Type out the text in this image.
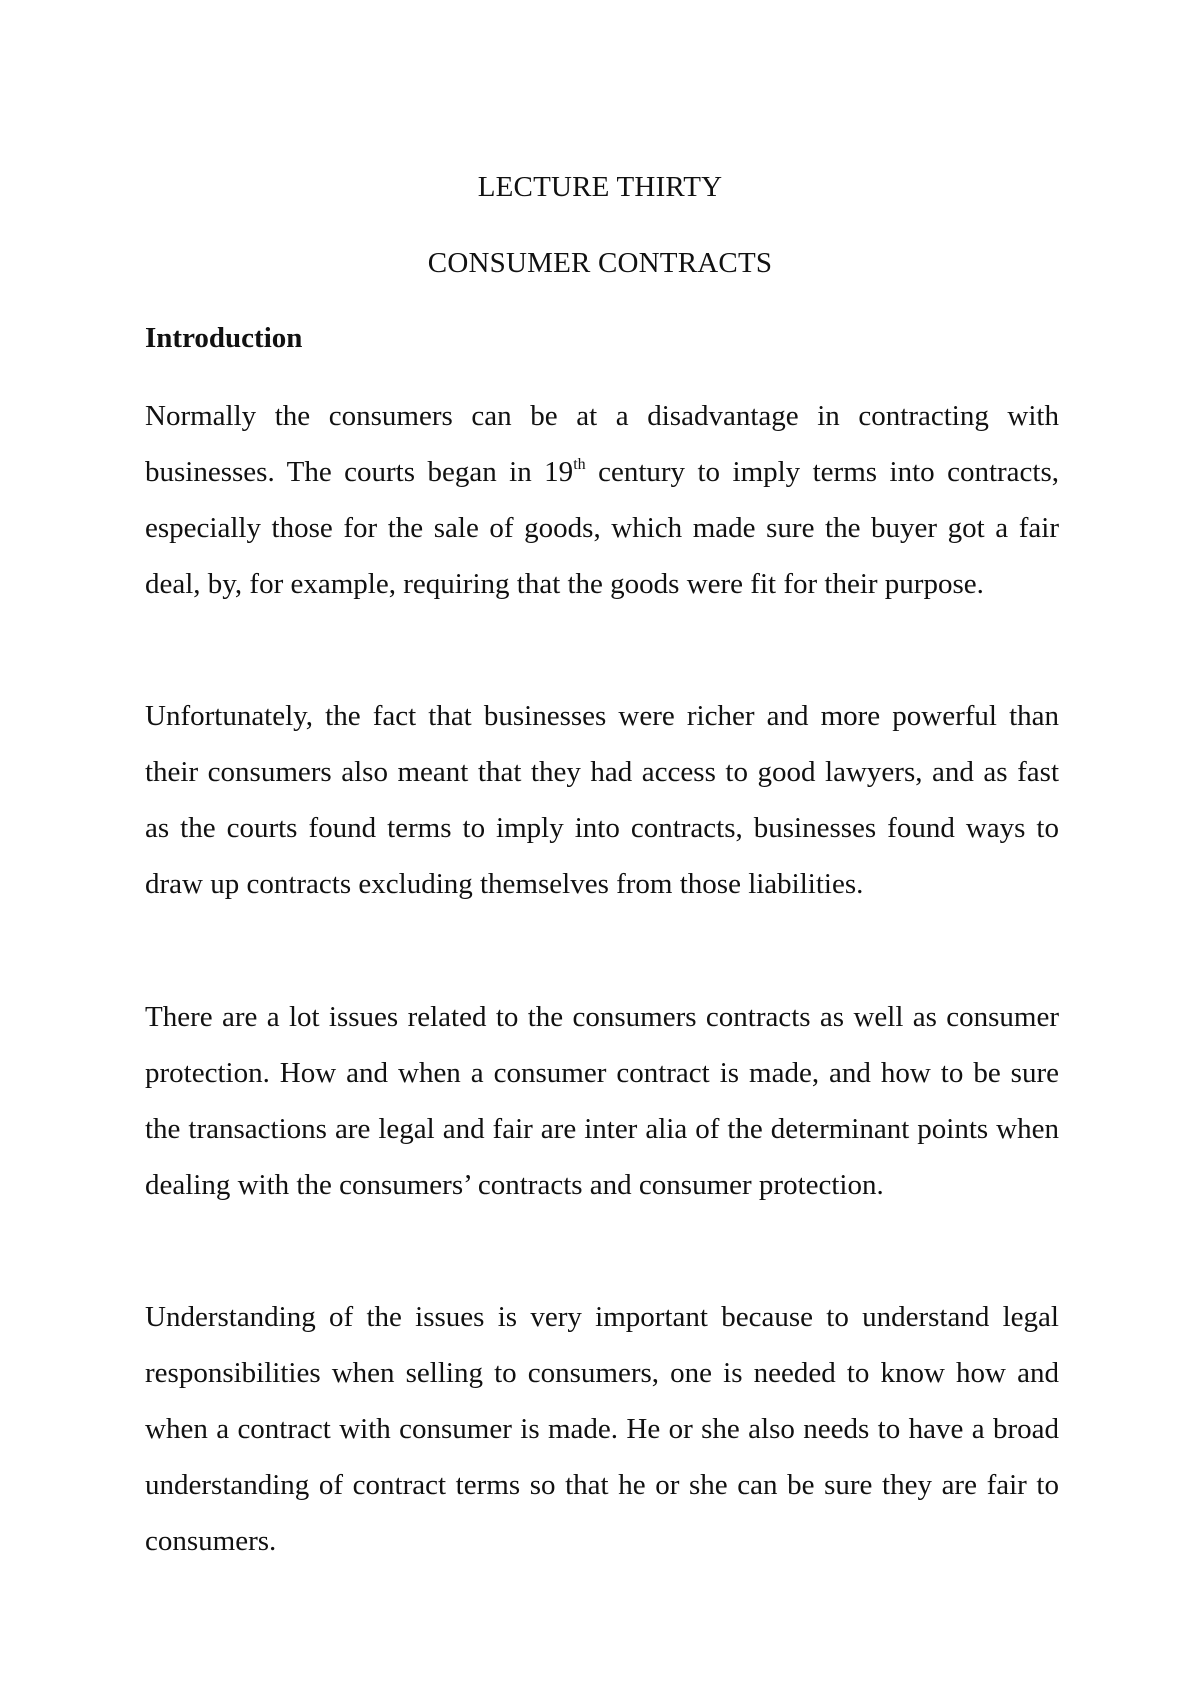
LECTURE THIRTY
CONSUMER CONTRACTS
Introduction

Normally the consumers can be at a disadvantage in contracting with businesses. The courts began in 19th century to imply terms into contracts, especially those for the sale of goods, which made sure the buyer got a fair deal, by, for example, requiring that the goods were fit for their purpose.

Unfortunately, the fact that businesses were richer and more powerful than their consumers also meant that they had access to good lawyers, and as fast as the courts found terms to imply into contracts, businesses found ways to draw up contracts excluding themselves from those liabilities.

There are a lot issues related to the consumers contracts as well as consumer protection. How and when a consumer contract is made, and how to be sure the transactions are legal and fair are inter alia of the determinant points when dealing with the consumers’ contracts and consumer protection.

Understanding of the issues is very important because to understand legal responsibilities when selling to consumers, one is needed to know how and when a contract with consumer is made. He or she also needs to have a broad understanding of contract terms so that he or she can be sure they are fair to consumers.
